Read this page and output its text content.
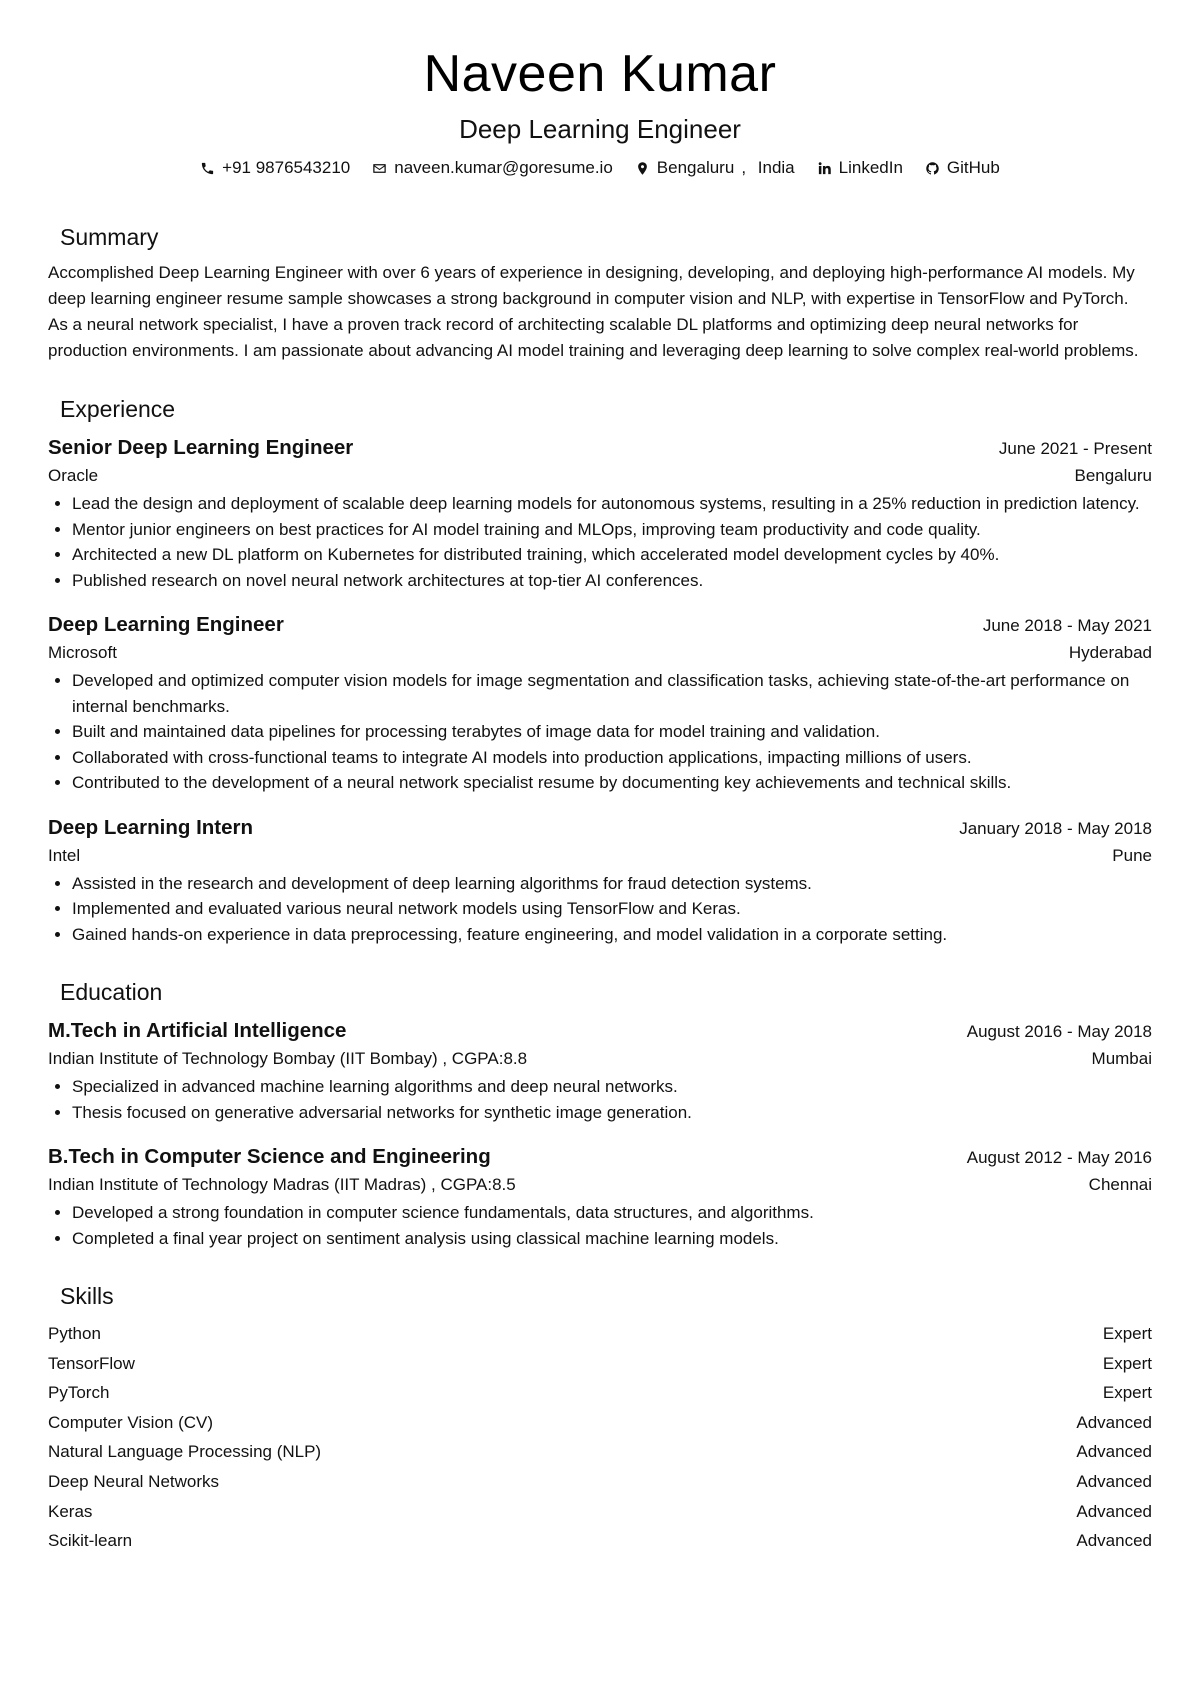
Naveen Kumar
Deep Learning Engineer
+91 9876543210	naveen.kumar@goresume.io	Bengaluru , India	LinkedIn	GitHub
Summary

Accomplished Deep Learning Engineer with over 6 years of experience in designing, developing, and deploying high-performance AI models. My deep learning engineer resume sample showcases a strong background in computer vision and NLP, with expertise in TensorFlow and PyTorch. As a neural network specialist, I have a proven track record of architecting scalable DL platforms and optimizing deep neural networks for production environments. I am passionate about advancing AI model training and leveraging deep learning to solve complex real-world problems.

Experience
Senior Deep Learning Engineer	June 2021 - Present
Oracle	Bengaluru
• Lead the design and deployment of scalable deep learning models for autonomous systems, resulting in a 25% reduction in prediction latency.
• Mentor junior engineers on best practices for AI model training and MLOps, improving team productivity and code quality.
• Architected a new DL platform on Kubernetes for distributed training, which accelerated model development cycles by 40%.
• Published research on novel neural network architectures at top-tier AI conferences.
Deep Learning Engineer	June 2018 - May 2021
Microsoft	Hyderabad
• Developed and optimized computer vision models for image segmentation and classification tasks, achieving state-of-the-art performance on internal benchmarks.
• Built and maintained data pipelines for processing terabytes of image data for model training and validation.
• Collaborated with cross-functional teams to integrate AI models into production applications, impacting millions of users.
• Contributed to the development of a neural network specialist resume by documenting key achievements and technical skills.
Deep Learning Intern	January 2018 - May 2018
Intel	Pune
• Assisted in the research and development of deep learning algorithms for fraud detection systems.
• Implemented and evaluated various neural network models using TensorFlow and Keras.
• Gained hands-on experience in data preprocessing, feature engineering, and model validation in a corporate setting.
Education
M.Tech in Artificial Intelligence	August 2016 - May 2018
Indian Institute of Technology Bombay (IIT Bombay) , CGPA:8.8	Mumbai
• Specialized in advanced machine learning algorithms and deep neural networks.
• Thesis focused on generative adversarial networks for synthetic image generation.
B.Tech in Computer Science and Engineering	August 2012 - May 2016
Indian Institute of Technology Madras (IIT Madras) , CGPA:8.5	Chennai
• Developed a strong foundation in computer science fundamentals, data structures, and algorithms.
• Completed a final year project on sentiment analysis using classical machine learning models.
Skills
Python	Expert
TensorFlow	Expert
PyTorch	Expert
Computer Vision (CV)	Advanced
Natural Language Processing (NLP)	Advanced
Deep Neural Networks	Advanced
Keras	Advanced
Scikit-learn	Advanced
